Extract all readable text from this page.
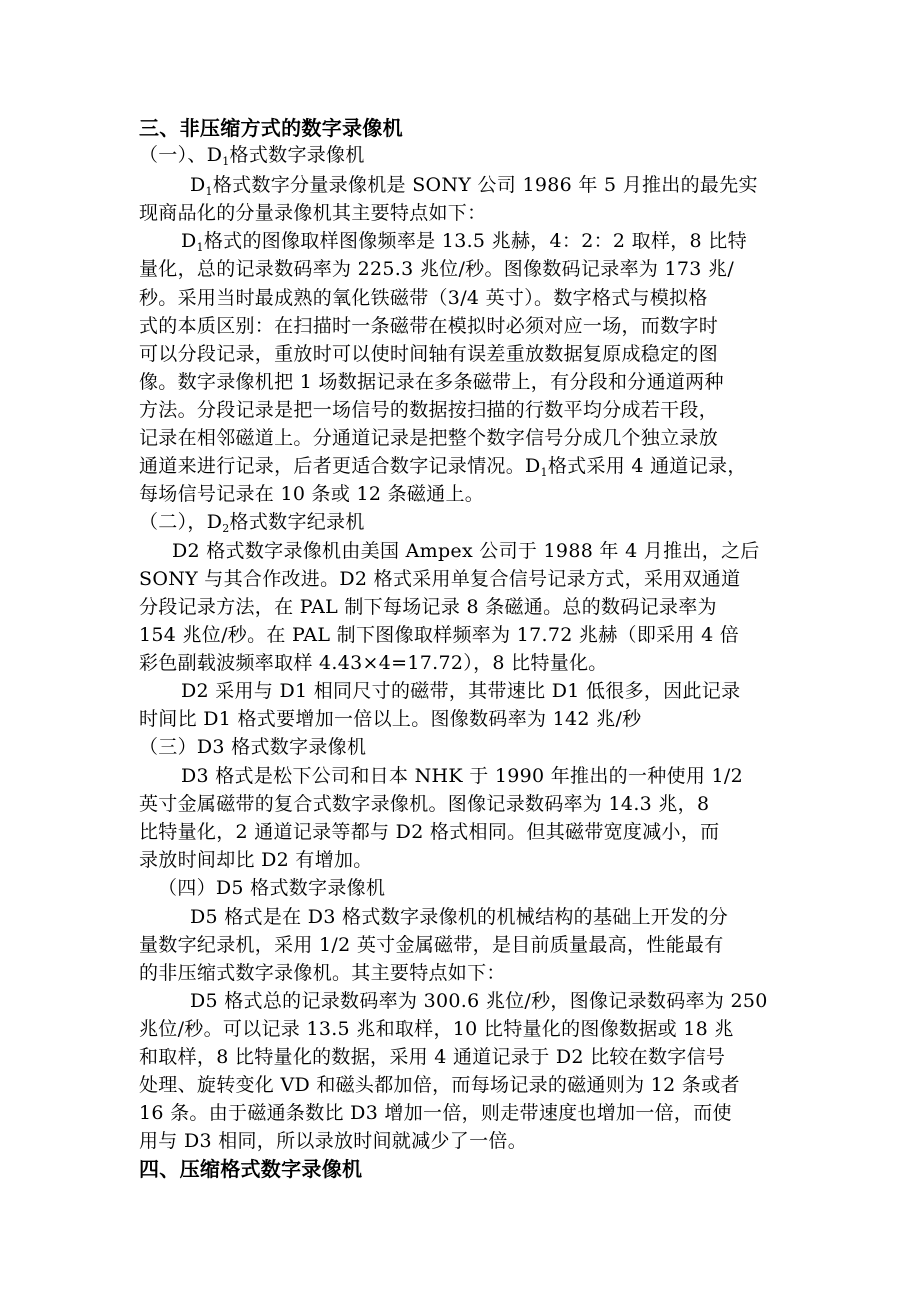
三、非压缩方式的数字录像机
（一）、$D_1$格式数字录像机
$D_1$格式数字分量录像机是 SONY 公司 1986 年 5 月推出的最先实
现商品化的分量录像机其主要特点如下：
$D_1$格式的图像取样图像频率是 13.5 兆赫，4：2：2 取样，8 比特
量化，总的记录数码率为 225.3 兆位/秒。图像数码记录率为 173 兆/
秒。采用当时最成熟的氧化铁磁带（3/4 英寸）。数字格式与模拟格
式的本质区别：在扫描时一条磁带在模拟时必须对应一场，而数字时
可以分段记录，重放时可以使时间轴有误差重放数据复原成稳定的图
像。数字录像机把 1 场数据记录在多条磁带上，有分段和分通道两种
方法。分段记录是把一场信号的数据按扫描的行数平均分成若干段，
记录在相邻磁道上。分通道记录是把整个数字信号分成几个独立录放
通道来进行记录，后者更适合数字记录情况。$D_1$格式采用 4 通道记录，
每场信号记录在 10 条或 12 条磁通上。
（二），$D_2$格式数字纪录机
D2 格式数字录像机由美国 Ampex 公司于 1988 年 4 月推出，之后
SONY 与其合作改进。D2 格式采用单复合信号记录方式，采用双通道
分段记录方法，在 PAL 制下每场记录 8 条磁通。总的数码记录率为
154 兆位/秒。在 PAL 制下图像取样频率为 17.72 兆赫（即采用 4 倍
彩色副载波频率取样 4.43×4=17.72），8 比特量化。
D2 采用与 D1 相同尺寸的磁带，其带速比 D1 低很多，因此记录
时间比 D1 格式要增加一倍以上。图像数码率为 142 兆/秒
（三）D3 格式数字录像机
D3 格式是松下公司和日本 NHK 于 1990 年推出的一种使用 1/2
英寸金属磁带的复合式数字录像机。图像记录数码率为 14.3 兆，8
比特量化，2 通道记录等都与 D2 格式相同。但其磁带宽度减小，而
录放时间却比 D2 有增加。
（四）D5 格式数字录像机
D5 格式是在 D3 格式数字录像机的机械结构的基础上开发的分
量数字纪录机，采用 1/2 英寸金属磁带，是目前质量最高，性能最有
的非压缩式数字录像机。其主要特点如下：
D5 格式总的记录数码率为 300.6 兆位/秒，图像记录数码率为 250
兆位/秒。可以记录 13.5 兆和取样，10 比特量化的图像数据或 18 兆
和取样，8 比特量化的数据，采用 4 通道记录于 D2 比较在数字信号
处理、旋转变化 VD 和磁头都加倍，而每场记录的磁通则为 12 条或者
16 条。由于磁通条数比 D3 增加一倍，则走带速度也增加一倍，而使
用与 D3 相同，所以录放时间就减少了一倍。
四、压缩格式数字录像机
